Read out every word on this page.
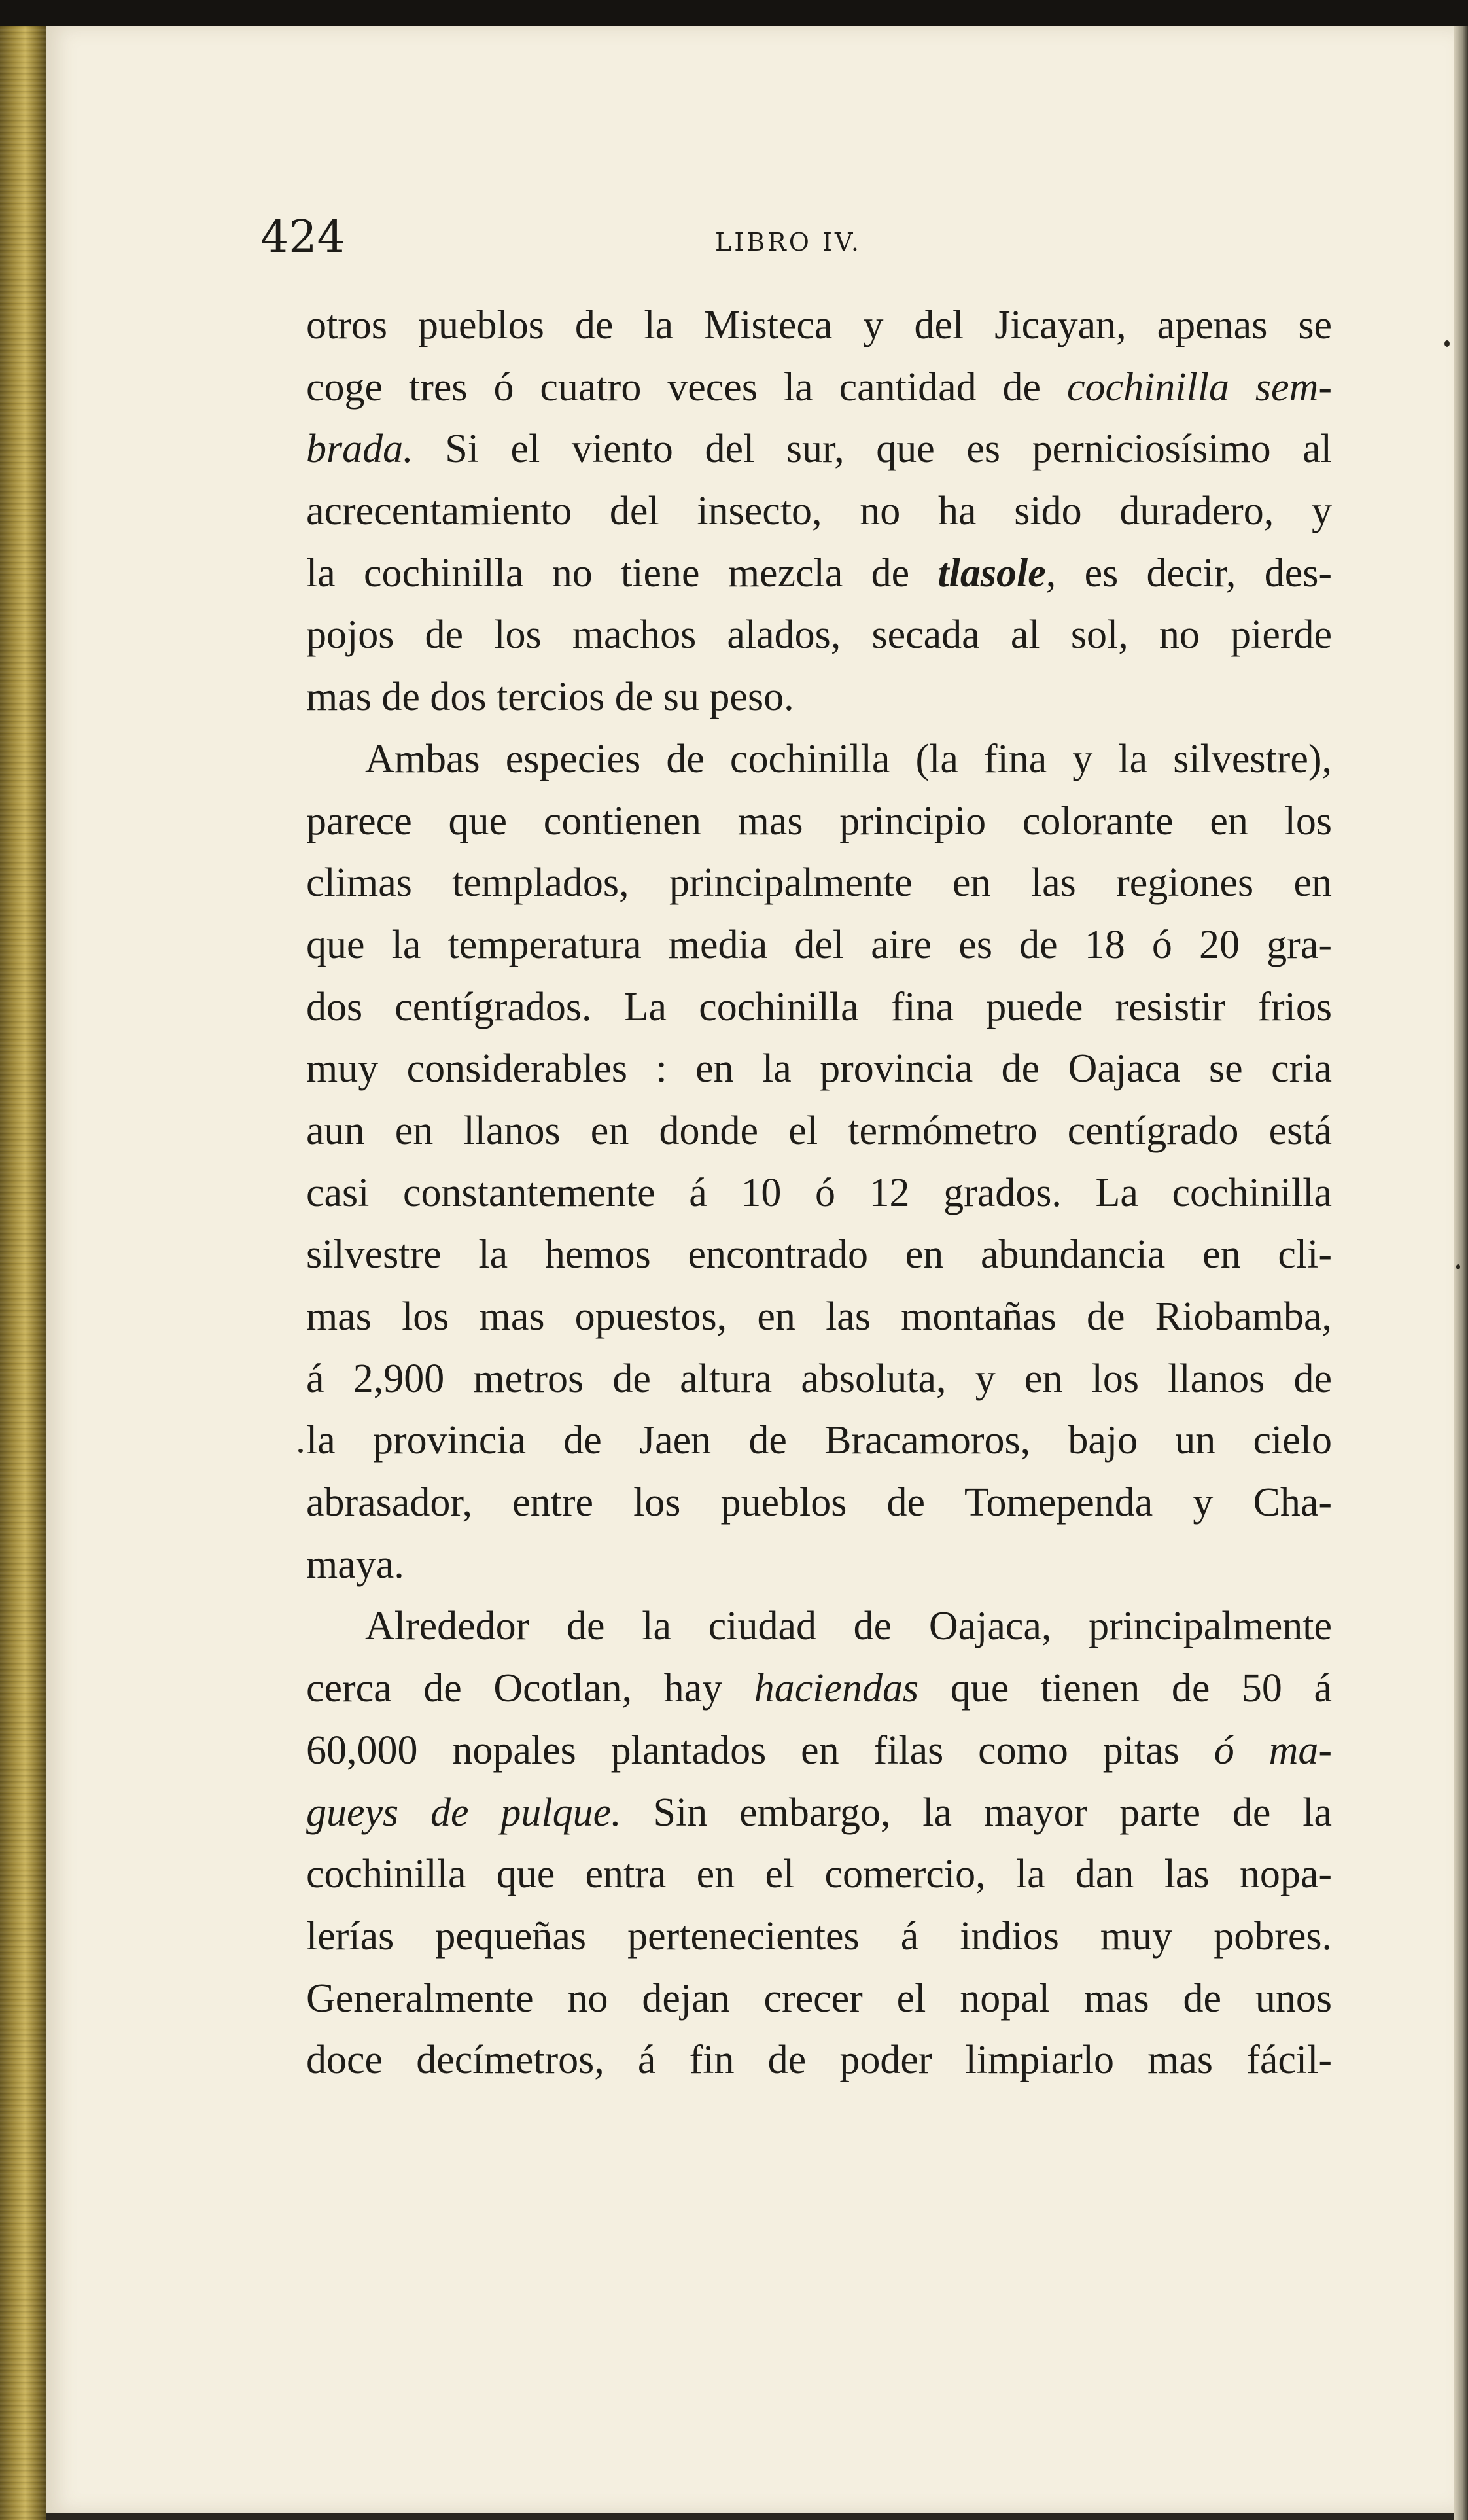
424	LIBRO IV.
otros pueblos de la Misteca y del Jicayan, apenas se
coge tres ó cuatro veces la cantidad de cochinilla sem-
brada. Si el viento del sur, que es perniciosísimo al
acrecentamiento del insecto, no ha sido duradero, y
la cochinilla no tiene mezcla de tlasole, es decir, des-
pojos de los machos alados, secada al sol, no pierde
mas de dos tercios de su peso.
Ambas especies de cochinilla (la fina y la silvestre),
parece que contienen mas principio colorante en los
climas templados, principalmente en las regiones en
que la temperatura media del aire es de 18 ó 20 gra-
dos centígrados. La cochinilla fina puede resistir frios
muy considerables : en la provincia de Oajaca se cria
aun en llanos en donde el termómetro centígrado está
casi constantemente á 10 ó 12 grados. La cochinilla
silvestre la hemos encontrado en abundancia en cli-
mas los mas opuestos, en las montañas de Riobamba,
á 2,900 metros de altura absoluta, y en los llanos de
la provincia de Jaen de Bracamoros, bajo un cielo
abrasador, entre los pueblos de Tomependa y Cha-
maya.
Alrededor de la ciudad de Oajaca, principalmente
cerca de Ocotlan, hay haciendas que tienen de 50 á
60,000 nopales plantados en filas como pitas ó ma-
gueys de pulque. Sin embargo, la mayor parte de la
cochinilla que entra en el comercio, la dan las nopa-
lerías pequeñas pertenecientes á indios muy pobres.
Generalmente no dejan crecer el nopal mas de unos
doce decímetros, á fin de poder limpiarlo mas fácil-
